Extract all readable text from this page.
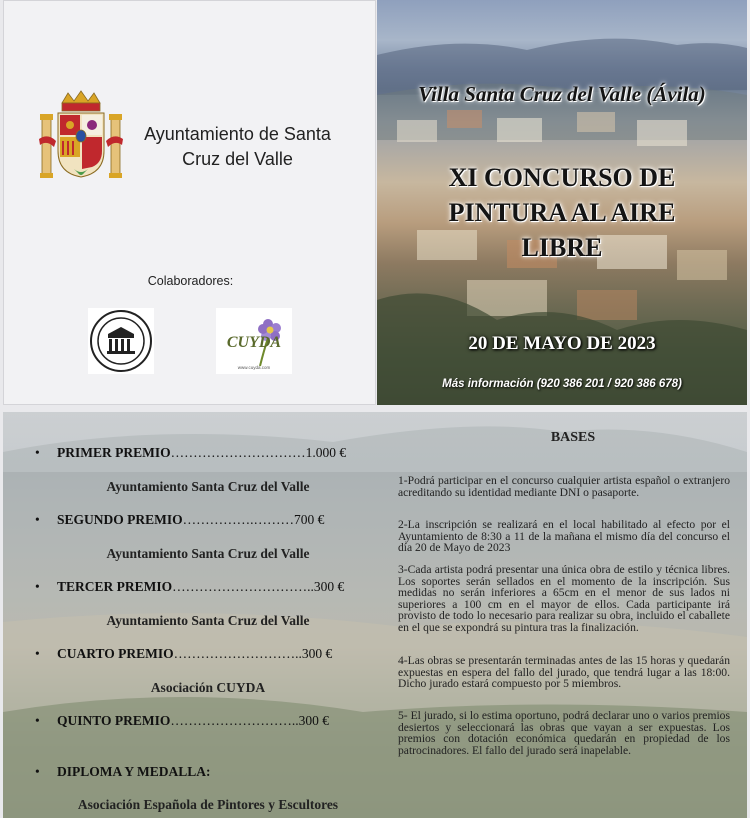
Ayuntamiento de Santa Cruz del Valle
Colaboradores:
CUYDA
www.cuyda.com
Villa Santa Cruz del Valle (Ávila)
XI CONCURSO DE PINTURA AL AIRE LIBRE
20 DE MAYO DE 2023
Más información (920 386 201 / 920 386 678)
• PRIMER PREMIO…………………………1.000 €
Ayuntamiento Santa Cruz del Valle
• SEGUNDO PREMIO…………….………700 €
Ayuntamiento Santa Cruz del Valle
• TERCER PREMIO…………………………..300 €
Ayuntamiento Santa Cruz del Valle
• CUARTO PREMIO………………………..300 €
Asociación CUYDA
• QUINTO PREMIO………………………..300 €
• DIPLOMA Y MEDALLA:
Asociación Española de Pintores y Escultores
BASES
1-Podrá participar en el concurso cualquier artista español o extranjero acreditando su identidad mediante DNI o pasaporte.
2-La inscripción se realizará en el local habilitado al efecto por el Ayuntamiento de 8:30 a 11 de la mañana el mismo día del concurso el día 20 de Mayo de 2023
3-Cada artista podrá presentar una única obra de estilo y técnica libres. Los soportes serán sellados en el momento de la inscripción. Sus medidas no serán inferiores a 65cm en el menor de sus lados ni superiores a 100 cm en el mayor de ellos. Cada participante irá provisto de todo lo necesario para realizar su obra, incluido el caballete en el que se expondrá su pintura tras la finalización.
4-Las obras se presentarán terminadas antes de las 15 horas y quedarán expuestas en espera del fallo del jurado, que tendrá lugar a las 18:00. Dicho jurado estará compuesto por 5 miembros.
5- El jurado, si lo estima oportuno, podrá declarar uno o varios premios desiertos y seleccionará las obras que vayan a ser expuestas. Los premios con dotación económica quedarán en propiedad de los patrocinadores. El fallo del jurado será inapelable.
